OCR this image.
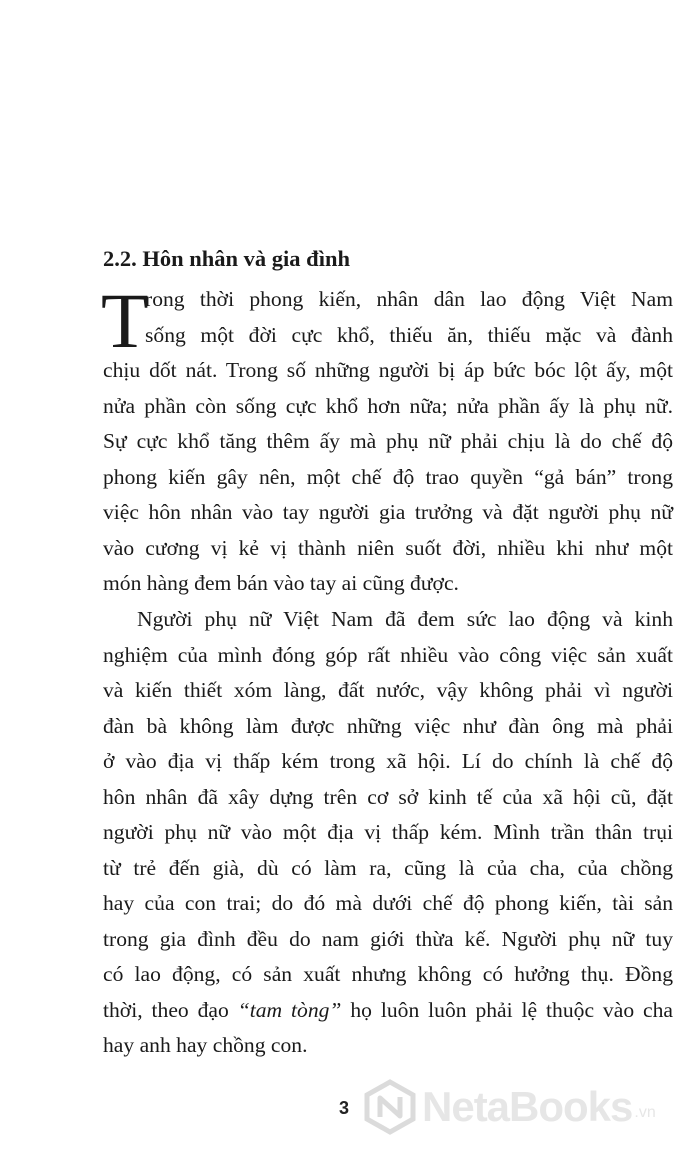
2.2. Hôn nhân và gia đình
T
rong thời phong kiến, nhân dân lao động Việt Nam
sống một đời cực khổ, thiếu ăn, thiếu mặc và đành
chịu dốt nát. Trong số những người bị áp bức bóc lột ấy, một
nửa phần còn sống cực khổ hơn nữa; nửa phần ấy là phụ nữ.
Sự cực khổ tăng thêm ấy mà phụ nữ phải chịu là do chế độ
phong kiến gây nên, một chế độ trao quyền “gả bán” trong
việc hôn nhân vào tay người gia trưởng và đặt người phụ nữ
vào cương vị kẻ vị thành niên suốt đời, nhiều khi như một
món hàng đem bán vào tay ai cũng được.
Người phụ nữ Việt Nam đã đem sức lao động và kinh
nghiệm của mình đóng góp rất nhiều vào công việc sản xuất
và kiến thiết xóm làng, đất nước, vậy không phải vì người
đàn bà không làm được những việc như đàn ông mà phải
ở vào địa vị thấp kém trong xã hội. Lí do chính là chế độ
hôn nhân đã xây dựng trên cơ sở kinh tế của xã hội cũ, đặt
người phụ nữ vào một địa vị thấp kém. Mình trần thân trụi
từ trẻ đến già, dù có làm ra, cũng là của cha, của chồng
hay của con trai; do đó mà dưới chế độ phong kiến, tài sản
trong gia đình đều do nam giới thừa kế. Người phụ nữ tuy
có lao động, có sản xuất nhưng không có hưởng thụ. Đồng
thời, theo đạo “tam tòng” họ luôn luôn phải lệ thuộc vào cha
hay anh hay chồng con.
3 NetaBooks .vn
